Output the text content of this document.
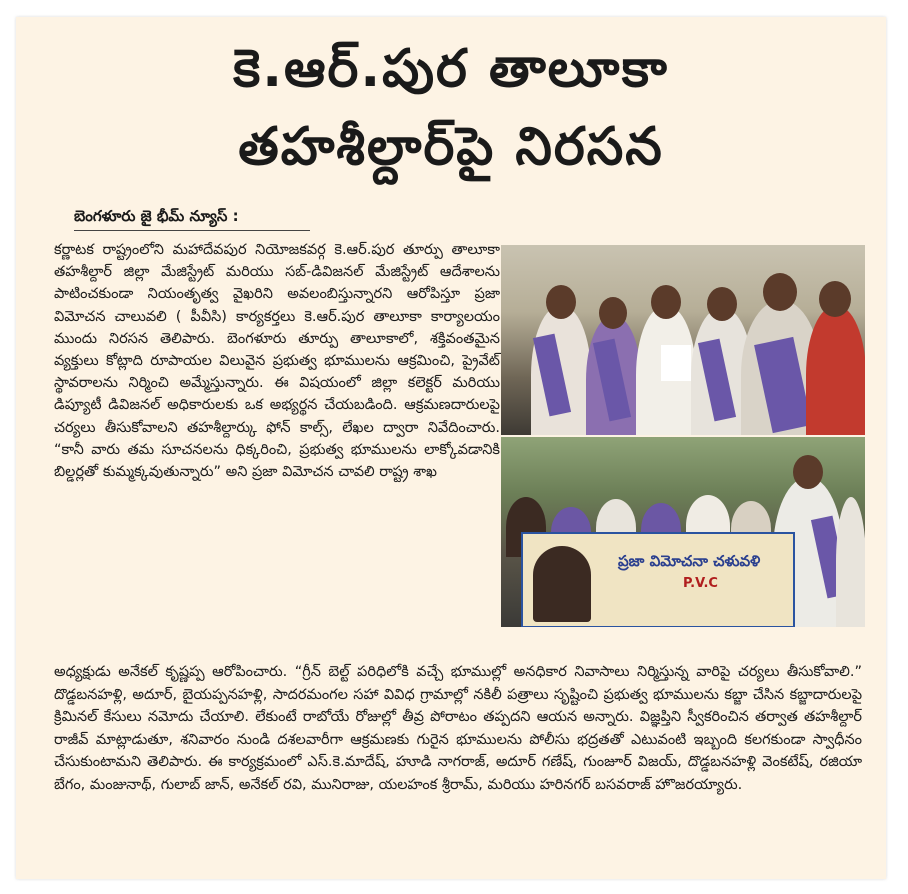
కె.ఆర్.పుర తాలూకా
తహశీల్దార్‌పై నిరసన
బెంగళూరు జై భీమ్ న్యూస్ :

కర్ణాటక రాష్ట్రంలోని మహాదేవపుర నియోజకవర్గ కె.ఆర్.పుర తూర్పు తాలూకా తహశీల్దార్ జిల్లా మేజిస్ట్రేట్ మరియు సబ్-డివిజనల్ మేజిస్ట్రేట్ ఆదేశాలను పాటించకుండా నియంతృత్వ వైఖరిని అవలంబిస్తున్నారని ఆరోపిస్తూ ప్రజా విమోచన చాలువలి ( పీవీసి) కార్యకర్తలు కె.ఆర్.పుర తాలూకా కార్యాలయం ముందు నిరసన తెలిపారు. బెంగళూరు తూర్పు తాలూకాలో, శక్తివంతమైన వ్యక్తులు కోట్లాది రూపాయల విలువైన ప్రభుత్వ భూములను ఆక్రమించి, ప్రైవేట్ స్థావరాలను నిర్మించి అమ్మేస్తున్నారు. ఈ విషయంలో జిల్లా కలెక్టర్ మరియు డిప్యూటీ డివిజనల్ అధికారులకు ఒక అభ్యర్థన చేయబడింది. ఆక్రమణదారులపై చర్యలు తీసుకోవాలని తహశీల్దార్కు ఫోన్ కాల్స్, లేఖల ద్వారా నివేదించారు. “కానీ వారు తమ సూచనలను ధిక్కరించి, ప్రభుత్వ భూములను లాక్కోవడానికి బిల్డర్లతో కుమ్మక్కవుతున్నారు” అని ప్రజా విమోచన చావలి రాష్ట్ర శాఖ

ప్రజా విమోచనా చళువళి
P.V.C

అధ్యక్షుడు అనేకల్ కృష్ణప్ప ఆరోపించారు. “గ్రీన్ బెల్ట్ పరిధిలోకి వచ్చే భూముల్లో అనధికార నివాసాలు నిర్మిస్తున్న వారిపై చర్యలు తీసుకోవాలి.” దొడ్డబనహళ్లి, అదూర్, బైయప్పనహళ్లి, సాదరమంగల సహా వివిధ గ్రామాల్లో నకిలీ పత్రాలు సృష్టించి ప్రభుత్వ భూములను కబ్జా చేసిన కబ్జాదారులపై క్రిమినల్ కేసులు నమోదు చేయాలి. లేకుంటే రాబోయే రోజుల్లో తీవ్ర పోరాటం తప్పదని ఆయన అన్నారు. విజ్ఞప్తిని స్వీకరించిన తర్వాత తహశీల్దార్ రాజీవ్ మాట్లాడుతూ, శనివారం నుండి దశలవారీగా ఆక్రమణకు గురైన భూములను పోలీసు భద్రతతో ఎటువంటి ఇబ్బంది కలగకుండా స్వాధీనం చేసుకుంటామని తెలిపారు. ఈ కార్యక్రమంలో ఎస్.కె.మాదేష్, హూడి నాగరాజ్, అదూర్ గణేష్, గుంజూర్ విజయ్, దొడ్డబనహళ్లి వెంకటేష్, రజియా బేగం, మంజునాథ్, గులాబ్ జాన్, అనేకల్ రవి, మునిరాజు, యలహంక శ్రీరామ్, మరియు హరినగర్ బసవరాజ్ హొజరయ్యారు.
